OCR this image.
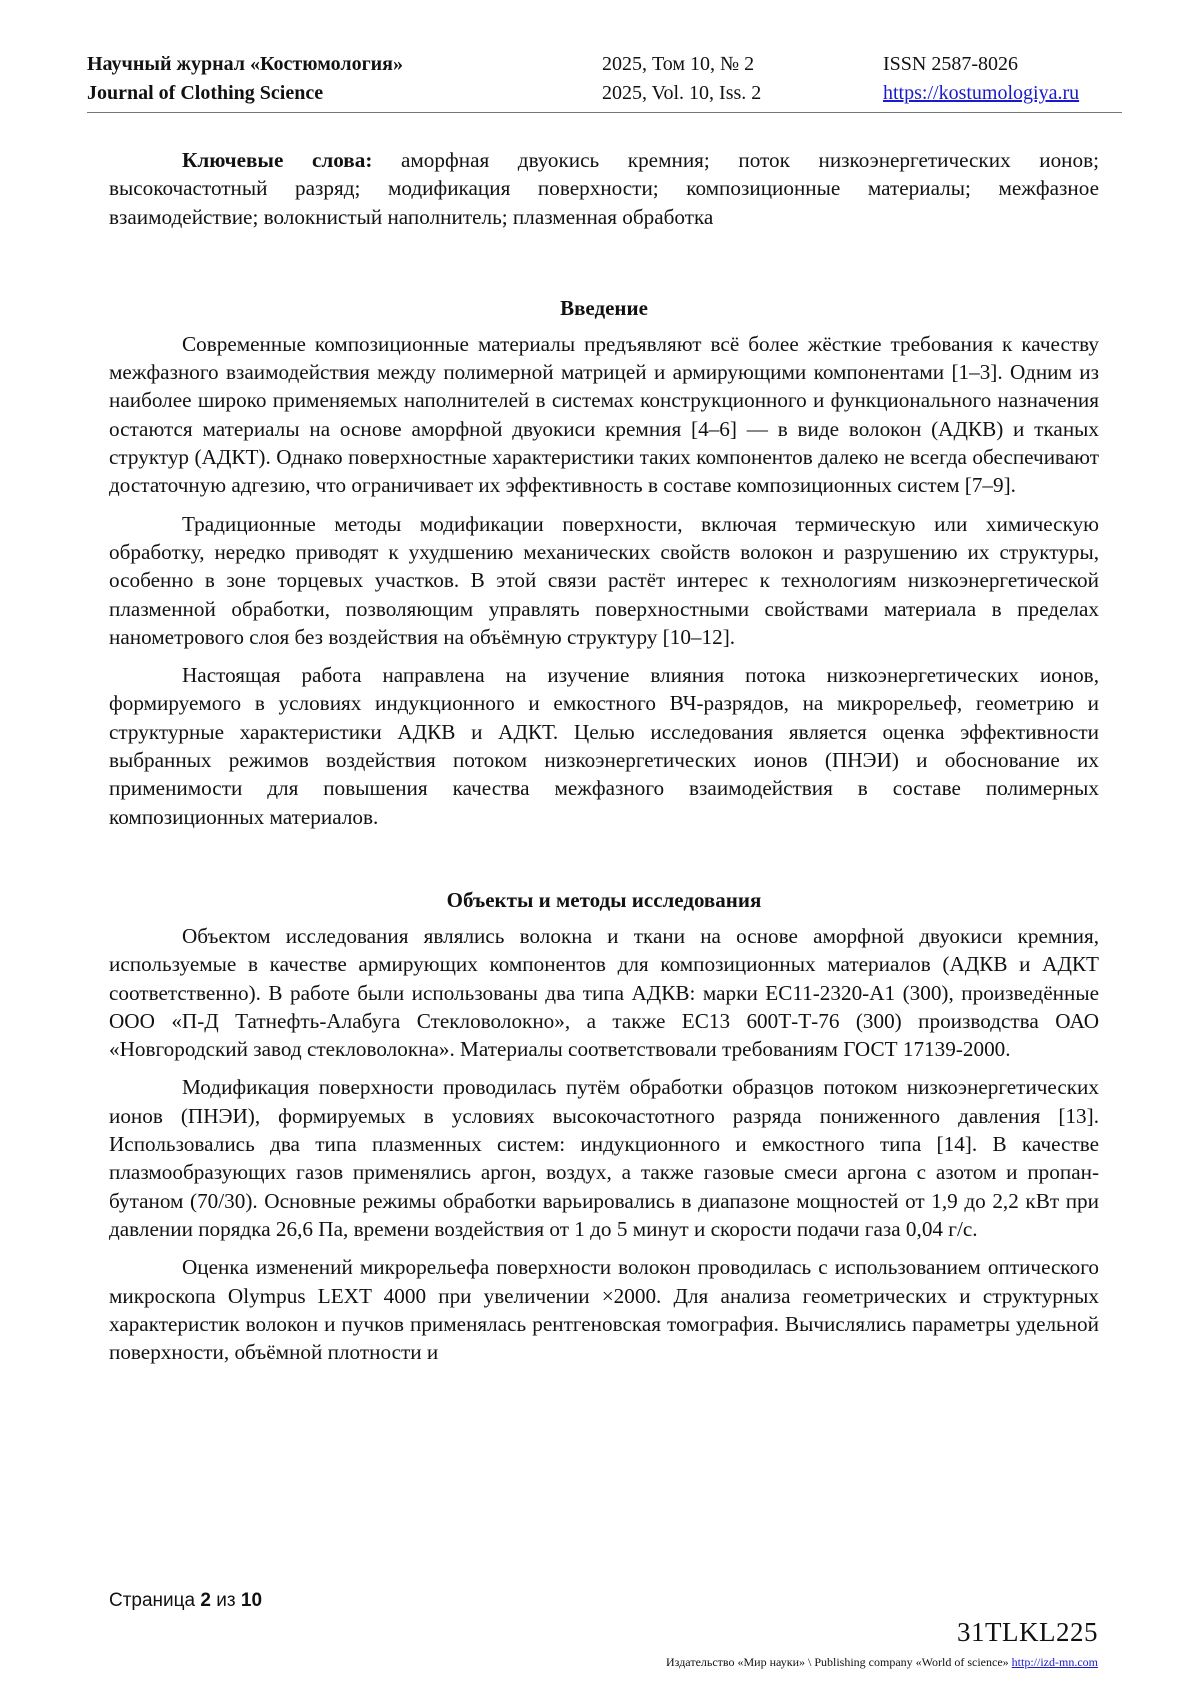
Научный журнал «Костюмология»
Journal of Clothing Science
2025, Том 10, № 2
2025, Vol. 10, Iss. 2
ISSN 2587-8026
https://kostumologiya.ru

Ключевые слова: аморфная двуокись кремния; поток низкоэнергетических ионов; высокочастотный разряд; модификация поверхности; композиционные материалы; межфазное взаимодействие; волокнистый наполнитель; плазменная обработка

Введение

Современные композиционные материалы предъявляют всё более жёсткие требования к качеству межфазного взаимодействия между полимерной матрицей и армирующими компонентами [1–3]. Одним из наиболее широко применяемых наполнителей в системах конструкционного и функционального назначения остаются материалы на основе аморфной двуокиси кремния [4–6] — в виде волокон (АДКВ) и тканых структур (АДКТ). Однако поверхностные характеристики таких компонентов далеко не всегда обеспечивают достаточную адгезию, что ограничивает их эффективность в составе композиционных систем [7–9].

Традиционные методы модификации поверхности, включая термическую или химическую обработку, нередко приводят к ухудшению механических свойств волокон и разрушению их структуры, особенно в зоне торцевых участков. В этой связи растёт интерес к технологиям низкоэнергетической плазменной обработки, позволяющим управлять поверхностными свойствами материала в пределах нанометрового слоя без воздействия на объёмную структуру [10–12].

Настоящая работа направлена на изучение влияния потока низкоэнергетических ионов, формируемого в условиях индукционного и емкостного ВЧ-разрядов, на микрорельеф, геометрию и структурные характеристики АДКВ и АДКТ. Целью исследования является оценка эффективности выбранных режимов воздействия потоком низкоэнергетических ионов (ПНЭИ) и обоснование их применимости для повышения качества межфазного взаимодействия в составе полимерных композиционных материалов.

Объекты и методы исследования

Объектом исследования являлись волокна и ткани на основе аморфной двуокиси кремния, используемые в качестве армирующих компонентов для композиционных материалов (АДКВ и АДКТ соответственно). В работе были использованы два типа АДКВ: марки ЕС11-2320-А1 (300), произведённые ООО «П-Д Татнефть-Алабуга Стекловолокно», а также ЕС13 600Т-Т-76 (300) производства ОАО «Новгородский завод стекловолокна». Материалы соответствовали требованиям ГОСТ 17139-2000.

Модификация поверхности проводилась путём обработки образцов потоком низкоэнергетических ионов (ПНЭИ), формируемых в условиях высокочастотного разряда пониженного давления [13]. Использовались два типа плазменных систем: индукционного и емкостного типа [14]. В качестве плазмообразующих газов применялись аргон, воздух, а также газовые смеси аргона с азотом и пропан-бутаном (70/30). Основные режимы обработки варьировались в диапазоне мощностей от 1,9 до 2,2 кВт при давлении порядка 26,6 Па, времени воздействия от 1 до 5 минут и скорости подачи газа 0,04 г/с.

Оценка изменений микрорельефа поверхности волокон проводилась с использованием оптического микроскопа Olympus LEXT 4000 при увеличении ×2000. Для анализа геометрических и структурных характеристик волокон и пучков применялась рентгеновская томография. Вычислялись параметры удельной поверхности, объёмной плотности и

Страница 2 из 10
31TLKL225
Издательство «Мир науки» \ Publishing company «World of science» http://izd-mn.com
